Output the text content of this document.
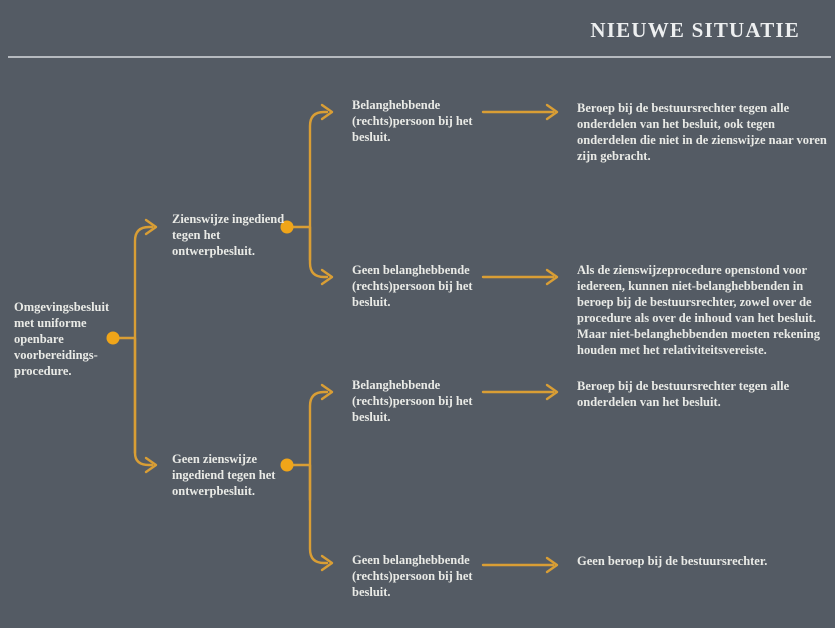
NIEUWE SITUATIE
Omgevingsbesluit met uniforme openbare voorbereidings-procedure.
Zienswijze ingediend tegen het ontwerpbesluit.
Geen zienswijze ingediend tegen het ontwerpbesluit.
Belanghebbende (rechts)persoon bij het besluit.
Geen belanghebbende (rechts)persoon bij het besluit.
Belanghebbende (rechts)persoon bij het besluit.
Geen belanghebbende (rechts)persoon bij het besluit.
Beroep bij de bestuursrechter tegen alle onderdelen van het besluit, ook tegen onderdelen die niet in de zienswijze naar voren zijn gebracht.
Als de zienswijzeprocedure openstond voor iedereen, kunnen niet-belanghebbenden in beroep bij de bestuursrechter, zowel over de procedure als over de inhoud van het besluit. Maar niet-belanghebbenden moeten rekening houden met het relativiteitsvereiste.
Beroep bij de bestuursrechter tegen alle onderdelen van het besluit.
Geen beroep bij de bestuursrechter.
